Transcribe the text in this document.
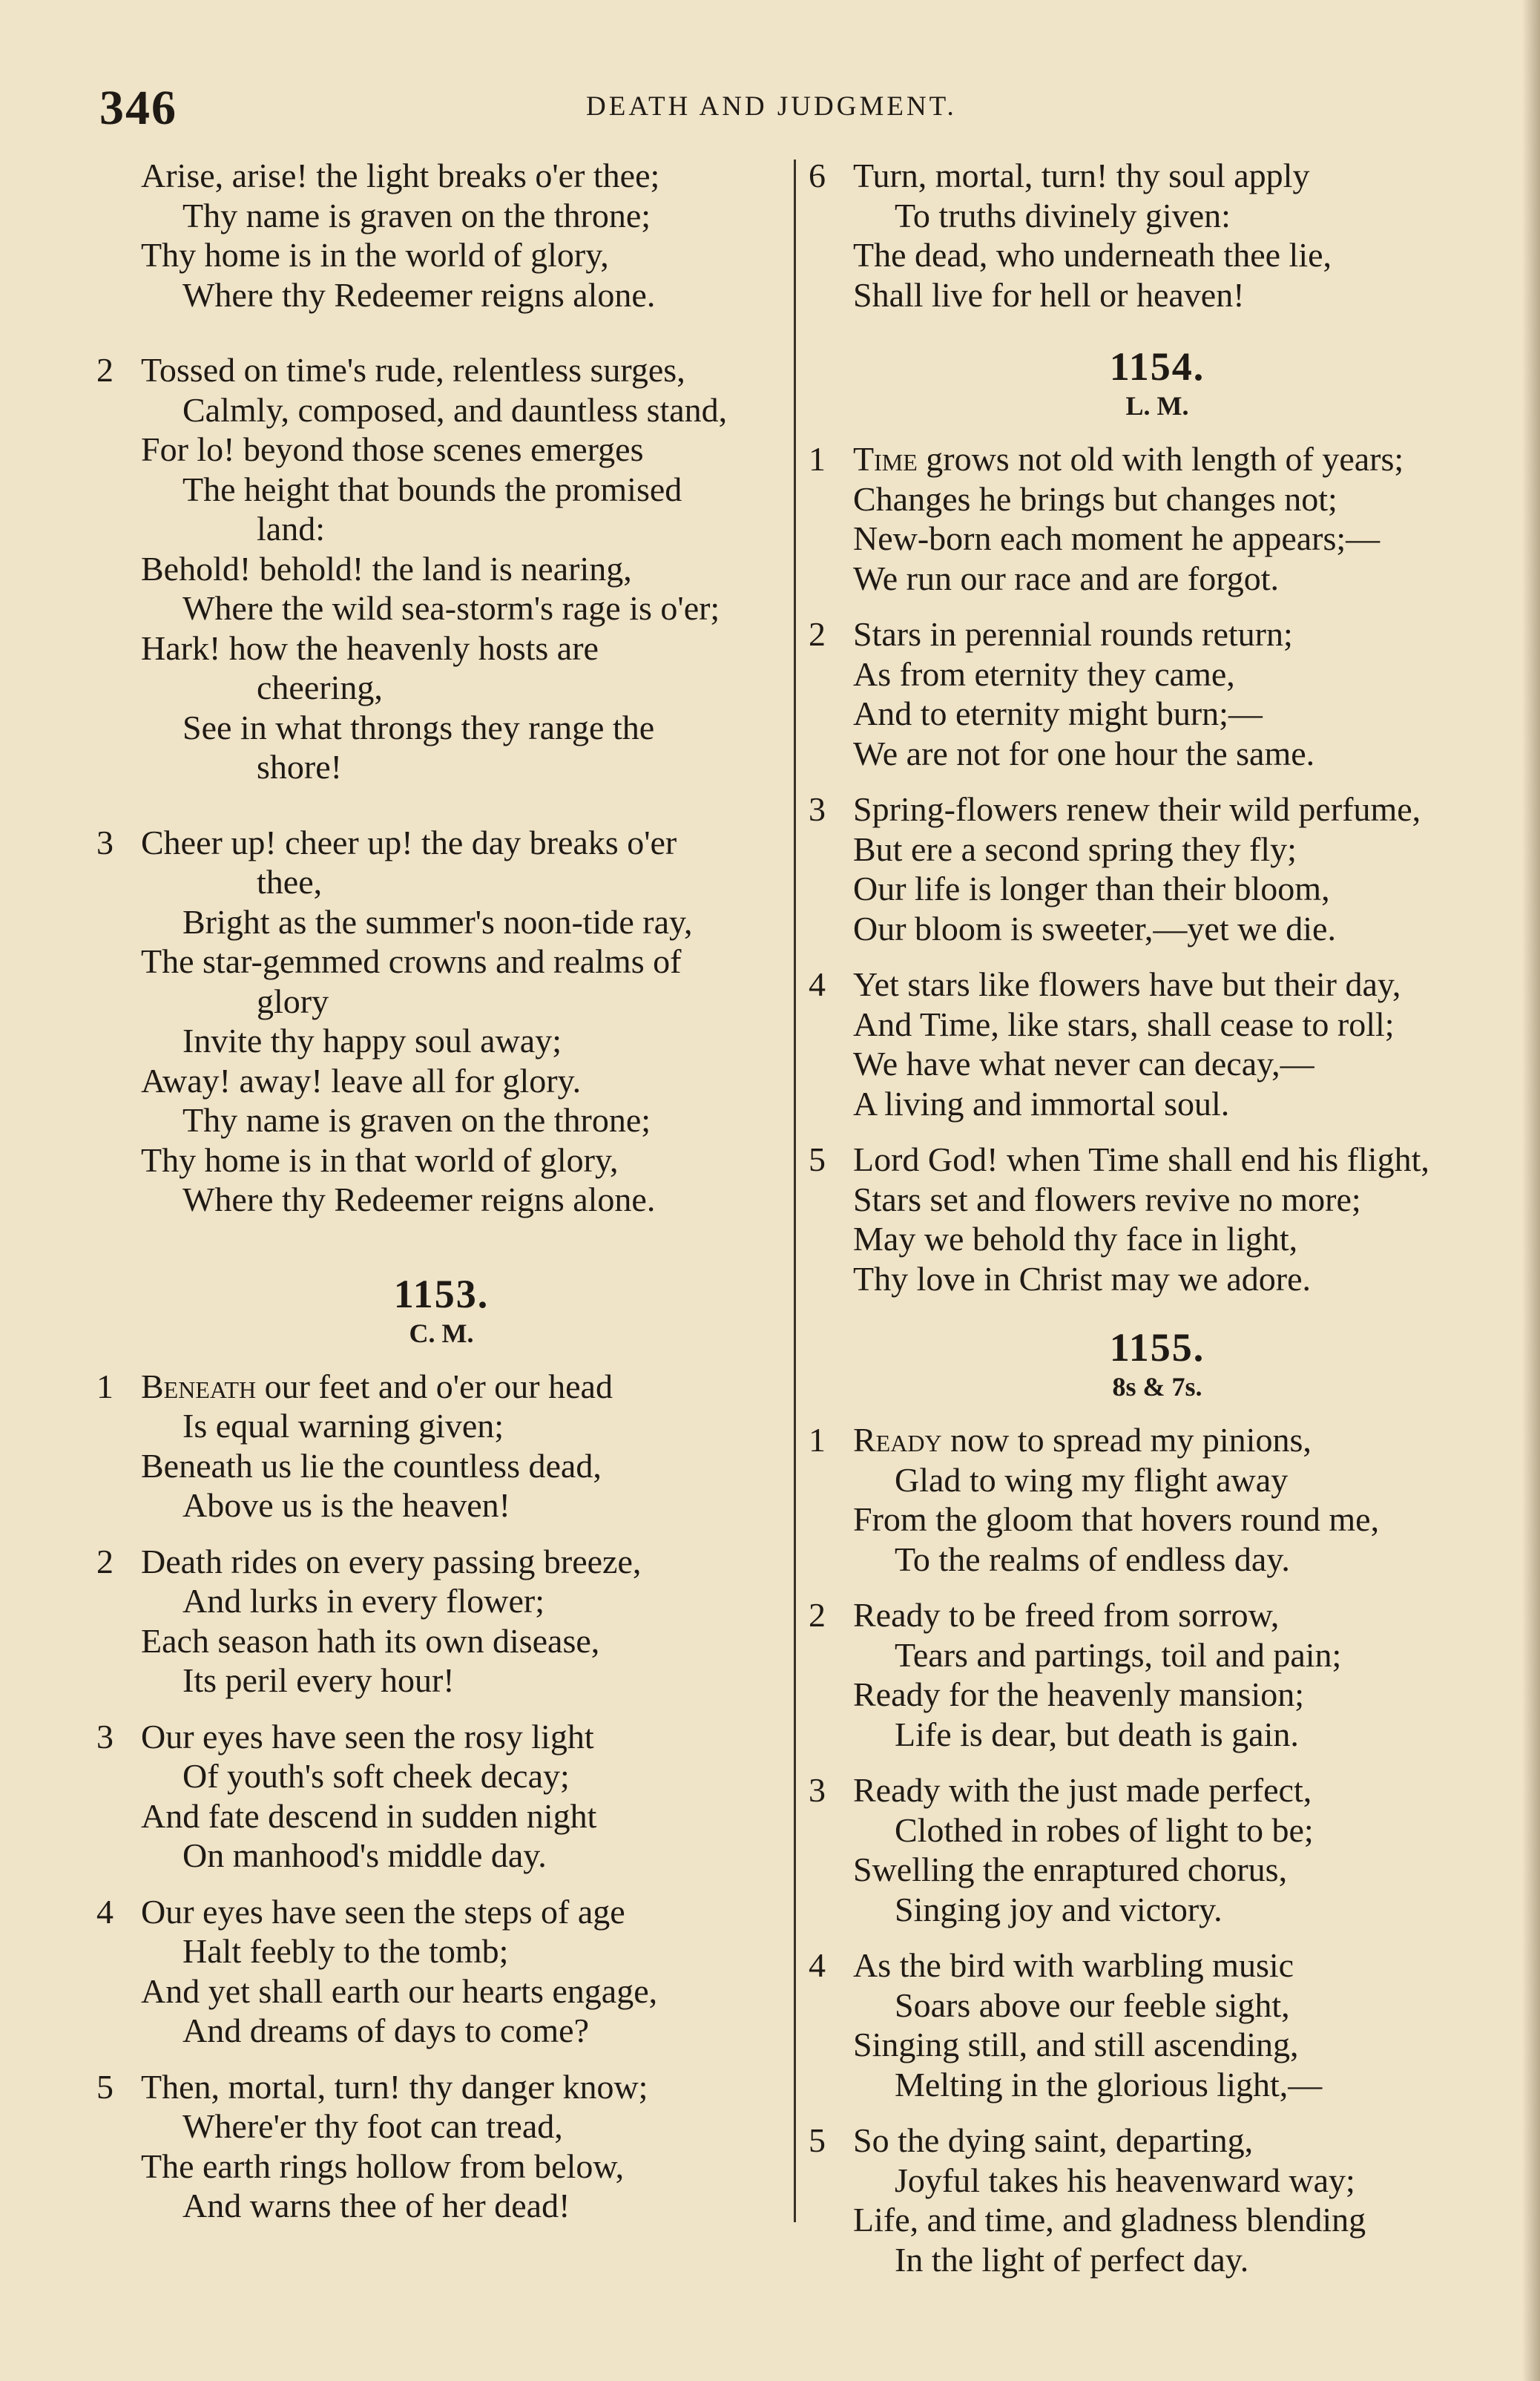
346	DEATH AND JUDGMENT.
Arise, arise! the light breaks o'er thee;
Thy name is graven on the throne;
Thy home is in the world of glory,
Where thy Redeemer reigns alone.
2 Tossed on time's rude, relentless surges,
Calmly, composed, and dauntless stand,
For lo! beyond those scenes emerges
The height that bounds the promised
land:
Behold! behold! the land is nearing,
Where the wild sea-storm's rage is o'er;
Hark! how the heavenly hosts are
cheering,
See in what throngs they range the
shore!
3 Cheer up! cheer up! the day breaks o'er
thee,
Bright as the summer's noon-tide ray,
The star-gemmed crowns and realms of
glory
Invite thy happy soul away;
Away! away! leave all for glory.
Thy name is graven on the throne;
Thy home is in that world of glory,
Where thy Redeemer reigns alone.
1153.
C. M.
1 Beneath our feet and o'er our head
Is equal warning given;
Beneath us lie the countless dead,
Above us is the heaven!
2 Death rides on every passing breeze,
And lurks in every flower;
Each season hath its own disease,
Its peril every hour!
3 Our eyes have seen the rosy light
Of youth's soft cheek decay;
And fate descend in sudden night
On manhood's middle day.
4 Our eyes have seen the steps of age
Halt feebly to the tomb;
And yet shall earth our hearts engage,
And dreams of days to come?
5 Then, mortal, turn! thy danger know;
Where'er thy foot can tread,
The earth rings hollow from below,
And warns thee of her dead!
6 Turn, mortal, turn! thy soul apply
To truths divinely given:
The dead, who underneath thee lie,
Shall live for hell or heaven!
1154.
L. M.
1 Time grows not old with length of years;
Changes he brings but changes not;
New-born each moment he appears;—
We run our race and are forgot.
2 Stars in perennial rounds return;
As from eternity they came,
And to eternity might burn;—
We are not for one hour the same.
3 Spring-flowers renew their wild perfume,
But ere a second spring they fly;
Our life is longer than their bloom,
Our bloom is sweeter,—yet we die.
4 Yet stars like flowers have but their day,
And Time, like stars, shall cease to roll;
We have what never can decay,—
A living and immortal soul.
5 Lord God! when Time shall end his flight,
Stars set and flowers revive no more;
May we behold thy face in light,
Thy love in Christ may we adore.
1155.
8s & 7s.
1 Ready now to spread my pinions,
Glad to wing my flight away
From the gloom that hovers round me,
To the realms of endless day.
2 Ready to be freed from sorrow,
Tears and partings, toil and pain;
Ready for the heavenly mansion;
Life is dear, but death is gain.
3 Ready with the just made perfect,
Clothed in robes of light to be;
Swelling the enraptured chorus,
Singing joy and victory.
4 As the bird with warbling music
Soars above our feeble sight,
Singing still, and still ascending,
Melting in the glorious light,—
5 So the dying saint, departing,
Joyful takes his heavenward way;
Life, and time, and gladness blending
In the light of perfect day.
